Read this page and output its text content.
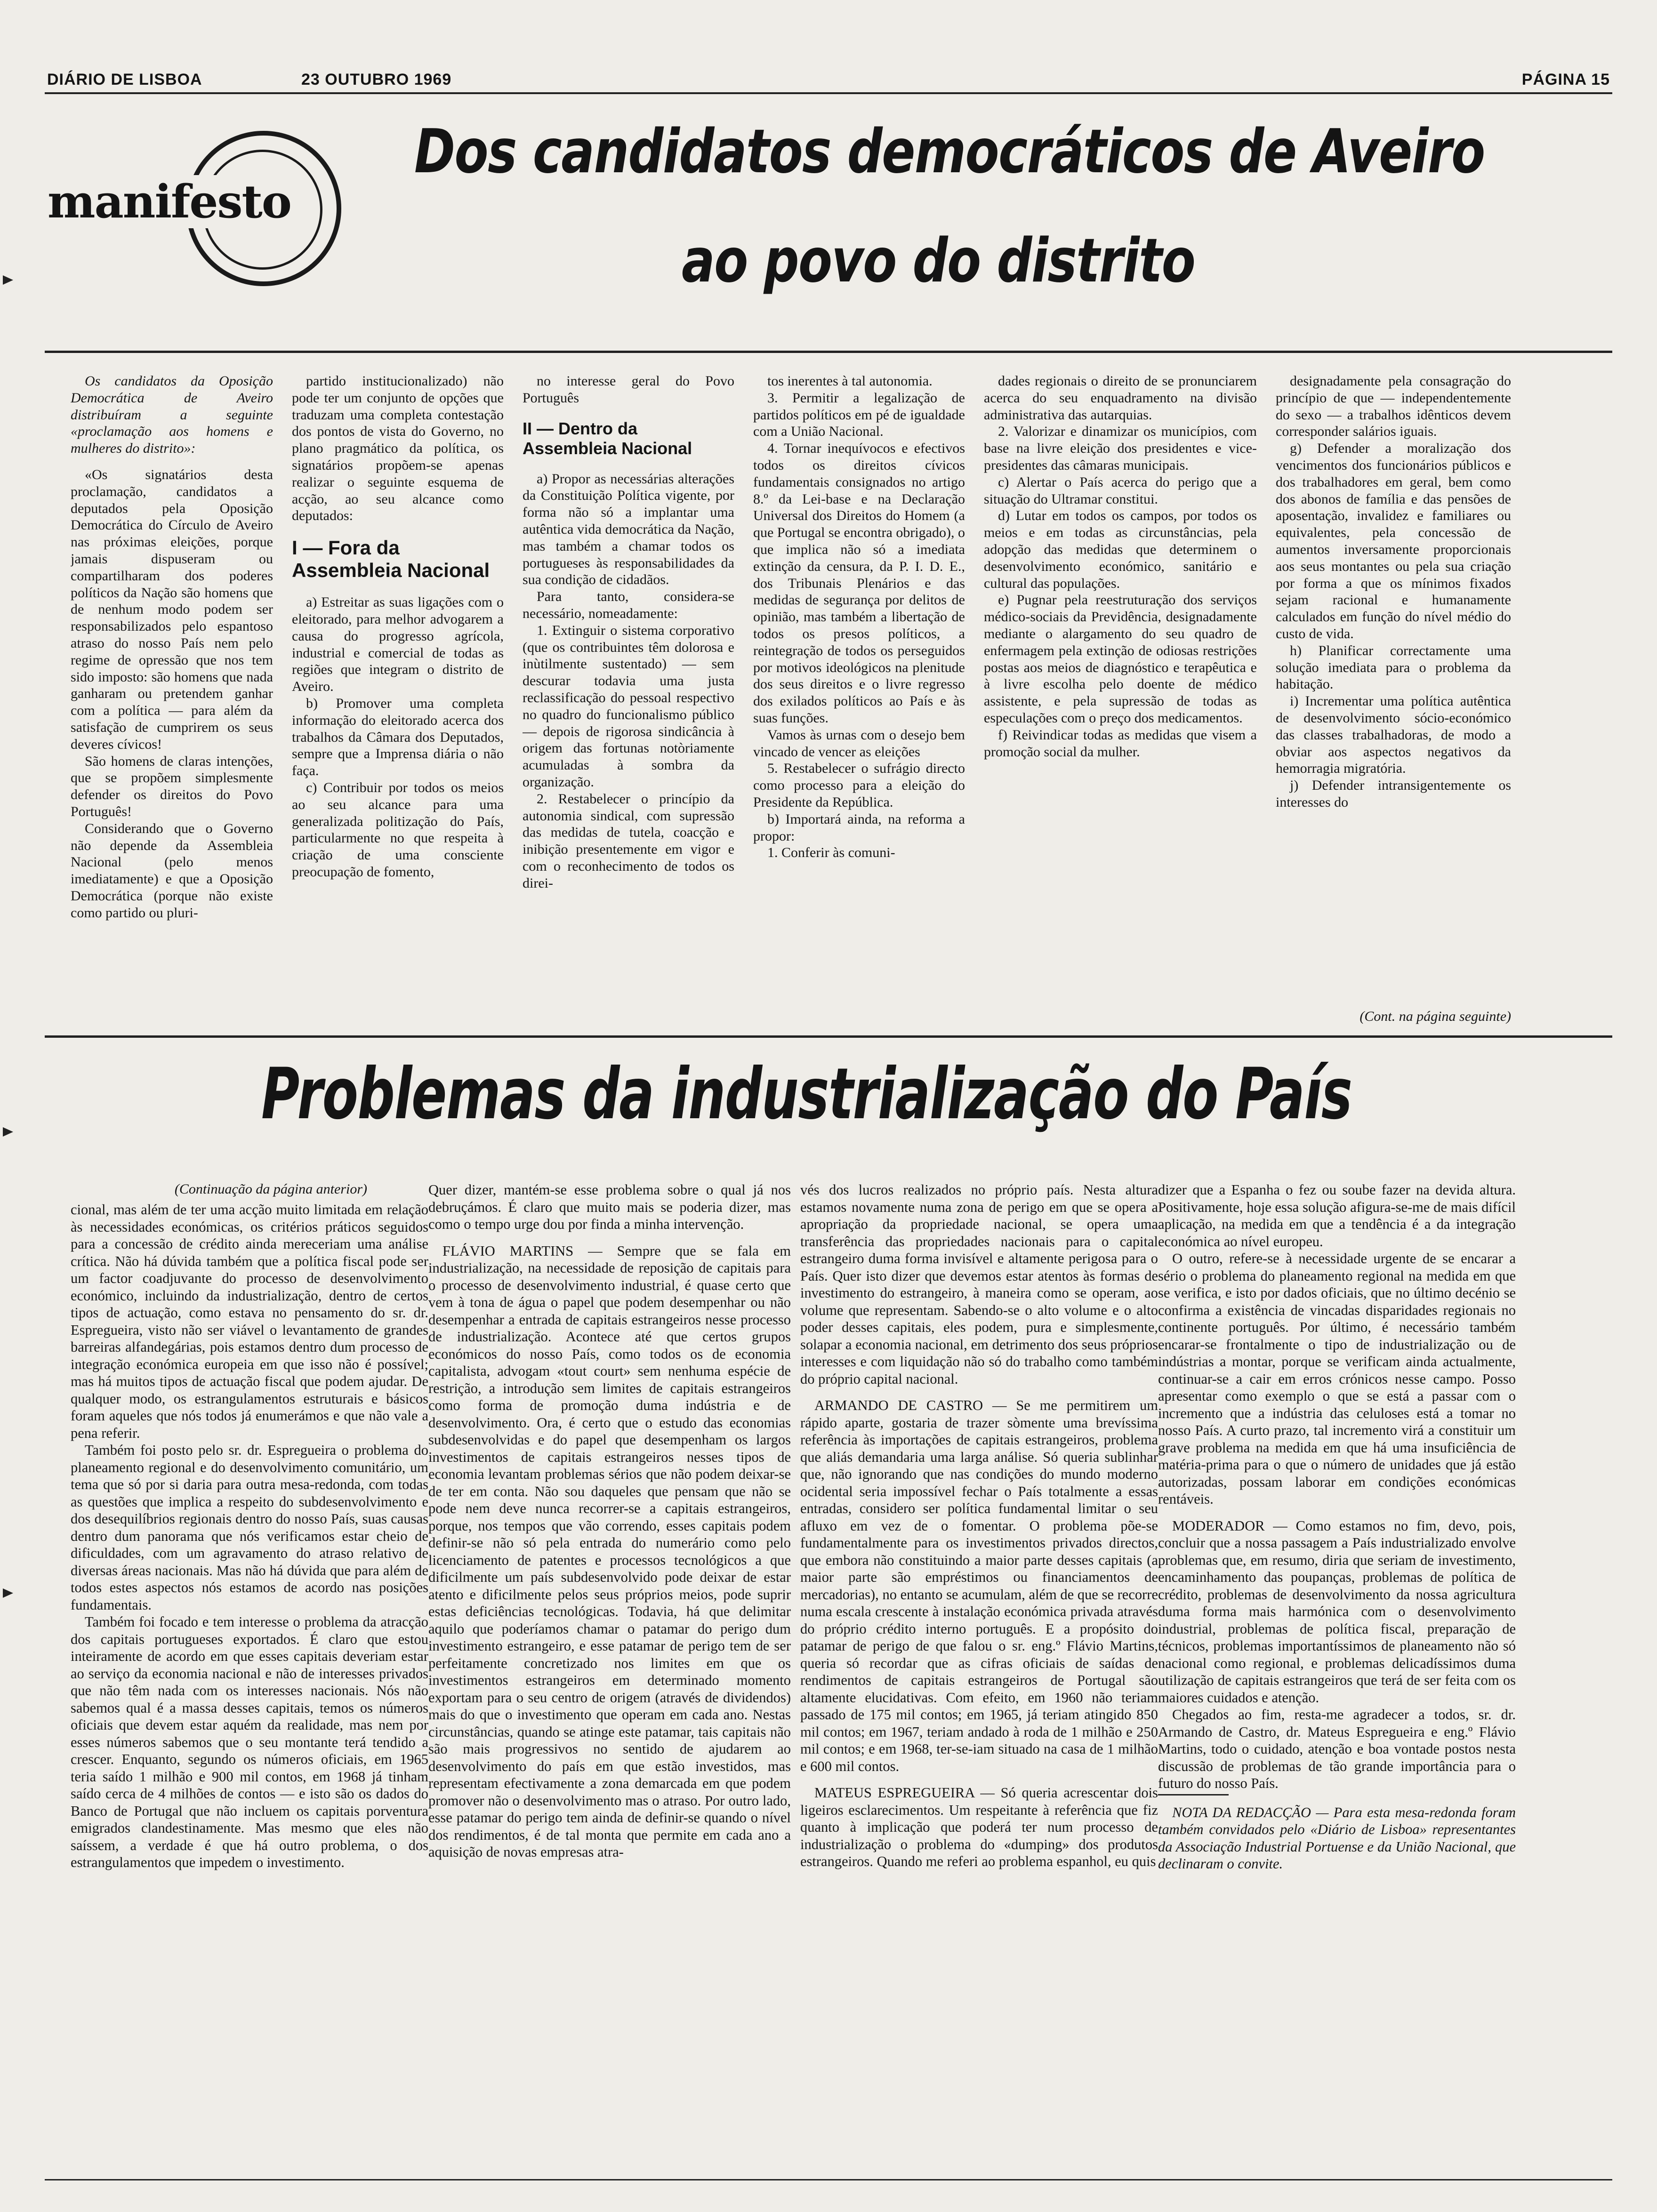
DIÁRIO DE LISBOA	23 OUTUBRO 1969	PÁGINA 15
manifesto
Dos candidatos democráticos de Aveiro
ao povo do distrito

Os candidatos da Oposição Democrática de Aveiro distribuíram a seguinte «proclamação aos homens e mulheres do distrito»:

«Os signatários desta proclamação, candidatos a deputados pela Oposição Democrática do Círculo de Aveiro nas próximas eleições, porque jamais dispuseram ou compartilharam dos poderes políticos da Nação são homens que de nenhum modo podem ser responsabilizados pelo espantoso atraso do nosso País nem pelo regime de opressão que nos tem sido imposto: são homens que nada ganharam ou pretendem ganhar com a política — para além da satisfação de cumprirem os seus deveres cívicos!

São homens de claras intenções, que se propõem simplesmente defender os direitos do Povo Português!

Considerando que o Governo não depende da Assembleia Nacional (pelo menos imediatamente) e que a Oposição Democrática (porque não existe como partido ou pluri-

partido institucionalizado) não pode ter um conjunto de opções que traduzam uma completa contestação dos pontos de vista do Governo, no plano pragmático da política, os signatários propõem-se apenas realizar o seguinte esquema de acção, ao seu alcance como deputados:

I — Fora da Assembleia Nacional

a) Estreitar as suas ligações com o eleitorado, para melhor advogarem a causa do progresso agrícola, industrial e comercial de todas as regiões que integram o distrito de Aveiro.

b) Promover uma completa informação do eleitorado acerca dos trabalhos da Câmara dos Deputados, sempre que a Imprensa diária o não faça.

c) Contribuir por todos os meios ao seu alcance para uma generalizada politização do País, particularmente no que respeita à criação de uma consciente preocupação de fomento,

no interesse geral do Povo Português

II — Dentro da Assembleia Nacional

a) Propor as necessárias alterações da Constituição Política vigente, por forma não só a implantar uma autêntica vida democrática da Nação, mas também a chamar todos os portugueses às responsabilidades da sua condição de cidadãos.

Para tanto, considera-se necessário, nomeadamente:

1. Extinguir o sistema corporativo (que os contribuintes têm dolorosa e inùtilmente sustentado) — sem descurar todavia uma justa reclassificação do pessoal respectivo no quadro do funcionalismo público — depois de rigorosa sindicância à origem das fortunas notòriamente acumuladas à sombra da organização.

2. Restabelecer o princípio da autonomia sindical, com supressão das medidas de tutela, coacção e inibição presentemente em vigor e com o reconhecimento de todos os direi-

tos inerentes à tal autonomia.

3. Permitir a legalização de partidos políticos em pé de igualdade com a União Nacional.

4. Tornar inequívocos e efectivos todos os direitos cívicos fundamentais consignados no artigo 8.º da Lei-base e na Declaração Universal dos Direitos do Homem (a que Portugal se encontra obrigado), o que implica não só a imediata extinção da censura, da P. I. D. E., dos Tribunais Plenários e das medidas de segurança por delitos de opinião, mas também a libertação de todos os presos políticos, a reintegração de todos os perseguidos por motivos ideológicos na plenitude dos seus direitos e o livre regresso dos exilados políticos ao País e às suas funções.

Vamos às urnas com o desejo bem vincado de vencer as eleições

5. Restabelecer o sufrágio directo como processo para a eleição do Presidente da República.

b) Importará ainda, na reforma a propor:

1. Conferir às comuni-

dades regionais o direito de se pronunciarem acerca do seu enquadramento na divisão administrativa das autarquias.

2. Valorizar e dinamizar os municípios, com base na livre eleição dos presidentes e vice-presidentes das câmaras municipais.

c) Alertar o País acerca do perigo que a situação do Ultramar constitui.

d) Lutar em todos os campos, por todos os meios e em todas as circunstâncias, pela adopção das medidas que determinem o desenvolvimento económico, sanitário e cultural das populações.

e) Pugnar pela reestruturação dos serviços médico-sociais da Previdência, designadamente mediante o alargamento do seu quadro de enfermagem pela extinção de odiosas restrições postas aos meios de diagnóstico e terapêutica e à livre escolha pelo doente de médico assistente, e pela supressão de todas as especulações com o preço dos medicamentos.

f) Reivindicar todas as medidas que visem a promoção social da mulher.

designadamente pela consagração do princípio de que — independentemente do sexo — a trabalhos idênticos devem corresponder salários iguais.

g) Defender a moralização dos vencimentos dos funcionários públicos e dos trabalhadores em geral, bem como dos abonos de família e das pensões de aposentação, invalidez e familiares ou equivalentes, pela concessão de aumentos inversamente proporcionais aos seus montantes ou pela sua criação por forma a que os mínimos fixados sejam racional e humanamente calculados em função do nível médio do custo de vida.

h) Planificar correctamente uma solução imediata para o problema da habitação.

i) Incrementar uma política autêntica de desenvolvimento sócio-económico das classes trabalhadoras, de modo a obviar aos aspectos negativos da hemorragia migratória.

j) Defender intransigentemente os interesses do

(Cont. na página seguinte)
Problemas da industrialização do País
(Continuação da página anterior)

cional, mas além de ter uma acção muito limitada em relação às necessidades económicas, os critérios práticos seguidos para a concessão de crédito ainda mereceriam uma análise crítica. Não há dúvida também que a política fiscal pode ser um factor coadjuvante do processo de desenvolvimento económico, incluindo da industrialização, dentro de certos tipos de actuação, como estava no pensamento do sr. dr. Espregueira, visto não ser viável o levantamento de grandes barreiras alfandegárias, pois estamos dentro dum processo de integração económica europeia em que isso não é possível; mas há muitos tipos de actuação fiscal que podem ajudar. De qualquer modo, os estrangulamentos estruturais e básicos foram aqueles que nós todos já enumerámos e que não vale a pena referir.

Também foi posto pelo sr. dr. Espregueira o problema do planeamento regional e do desenvolvimento comunitário, um tema que só por si daria para outra mesa-redonda, com todas as questões que implica a respeito do subdesenvolvimento e dos desequilíbrios regionais dentro do nosso País, suas causas dentro dum panorama que nós verificamos estar cheio de dificuldades, com um agravamento do atraso relativo de diversas áreas nacionais. Mas não há dúvida que para além de todos estes aspectos nós estamos de acordo nas posições fundamentais.

Também foi focado e tem interesse o problema da atracção dos capitais portugueses exportados. É claro que estou inteiramente de acordo em que esses capitais deveriam estar ao serviço da economia nacional e não de interesses privados que não têm nada com os interesses nacionais. Nós não sabemos qual é a massa desses capitais, temos os números oficiais que devem estar aquém da realidade, mas nem por esses números sabemos que o seu montante terá tendido a crescer. Enquanto, segundo os números oficiais, em 1965 teria saído 1 milhão e 900 mil contos, em 1968 já tinham saído cerca de 4 milhões de contos — e isto são os dados do Banco de Portugal que não incluem os capitais porventura emigrados clandestinamente. Mas mesmo que eles não saíssem, a verdade é que há outro problema, o dos estrangulamentos que impedem o investimento.

Quer dizer, mantém-se esse problema sobre o qual já nos debruçámos. É claro que muito mais se poderia dizer, mas como o tempo urge dou por finda a minha intervenção.

FLÁVIO MARTINS — Sempre que se fala em industrialização, na necessidade de reposição de capitais para o processo de desenvolvimento industrial, é quase certo que vem à tona de água o papel que podem desempenhar ou não desempenhar a entrada de capitais estrangeiros nesse processo de industrialização. Acontece até que certos grupos económicos do nosso País, como todos os de economia capitalista, advogam «tout court» sem nenhuma espécie de restrição, a introdução sem limites de capitais estrangeiros como forma de promoção duma indústria e de desenvolvimento. Ora, é certo que o estudo das economias subdesenvolvidas e do papel que desempenham os largos investimentos de capitais estrangeiros nesses tipos de economia levantam problemas sérios que não podem deixar-se de ter em conta. Não sou daqueles que pensam que não se pode nem deve nunca recorrer-se a capitais estrangeiros, porque, nos tempos que vão correndo, esses capitais podem definir-se não só pela entrada do numerário como pelo licenciamento de patentes e processos tecnológicos a que dificilmente um país subdesenvolvido pode deixar de estar atento e dificilmente pelos seus próprios meios, pode suprir estas deficiências tecnológicas. Todavia, há que delimitar aquilo que poderíamos chamar o patamar do perigo dum investimento estrangeiro, e esse patamar de perigo tem de ser perfeitamente concretizado nos limites em que os investimentos estrangeiros em determinado momento exportam para o seu centro de origem (através de dividendos) mais do que o investimento que operam em cada ano. Nestas circunstâncias, quando se atinge este patamar, tais capitais não são mais progressivos no sentido de ajudarem ao desenvolvimento do país em que estão investidos, mas representam efectivamente a zona demarcada em que podem promover não o desenvolvimento mas o atraso. Por outro lado, esse patamar do perigo tem ainda de definir-se quando o nível dos rendimentos, é de tal monta que permite em cada ano a aquisição de novas empresas atra-

vés dos lucros realizados no próprio país. Nesta altura estamos novamente numa zona de perigo em que se opera a apropriação da propriedade nacional, se opera uma transferência das propriedades nacionais para o capital estrangeiro duma forma invisível e altamente perigosa para o País. Quer isto dizer que devemos estar atentos às formas de investimento do estrangeiro, à maneira como se operam, ao volume que representam. Sabendo-se o alto volume e o alto poder desses capitais, eles podem, pura e simplesmente, solapar a economia nacional, em detrimento dos seus próprios interesses e com liquidação não só do trabalho como também do próprio capital nacional.

ARMANDO DE CASTRO — Se me permitirem um rápido aparte, gostaria de trazer sòmente uma brevíssima referência às importações de capitais estrangeiros, problema que aliás demandaria uma larga análise. Só queria sublinhar que, não ignorando que nas condições do mundo moderno ocidental seria impossível fechar o País totalmente a essas entradas, considero ser política fundamental limitar o seu afluxo em vez de o fomentar. O problema põe-se fundamentalmente para os investimentos privados directos, que embora não constituindo a maior parte desses capitais (a maior parte são empréstimos ou financiamentos de mercadorias), no entanto se acumulam, além de que se recorre numa escala crescente à instalação económica privada através do próprio crédito interno português. E a propósito do patamar de perigo de que falou o sr. eng.º Flávio Martins, queria só recordar que as cifras oficiais de saídas de rendimentos de capitais estrangeiros de Portugal são altamente elucidativas. Com efeito, em 1960 não teriam passado de 175 mil contos; em 1965, já teriam atingido 850 mil contos; em 1967, teriam andado à roda de 1 milhão e 250 mil contos; e em 1968, ter-se-iam situado na casa de 1 milhão e 600 mil contos.

MATEUS ESPREGUEIRA — Só queria acrescentar dois ligeiros esclarecimentos. Um respeitante à referência que fiz quanto à implicação que poderá ter num processo de industrialização o problema do «dumping» dos produtos estrangeiros. Quando me referi ao problema espanhol, eu quis

dizer que a Espanha o fez ou soube fazer na devida altura. Positivamente, hoje essa solução afigura-se-me de mais difícil aplicação, na medida em que a tendência é a da integração económica ao nível europeu.

O outro, refere-se à necessidade urgente de se encarar a sério o problema do planeamento regional na medida em que se verifica, e isto por dados oficiais, que no último decénio se confirma a existência de vincadas disparidades regionais no continente português. Por último, é necessário também encarar-se frontalmente o tipo de industrialização ou de indústrias a montar, porque se verificam ainda actualmente, continuar-se a cair em erros crónicos nesse campo. Posso apresentar como exemplo o que se está a passar com o incremento que a indústria das celuloses está a tomar no nosso País. A curto prazo, tal incremento virá a constituir um grave problema na medida em que há uma insuficiência de matéria-prima para o que o número de unidades que já estão autorizadas, possam laborar em condições económicas rentáveis.

MODERADOR — Como estamos no fim, devo, pois, concluir que a nossa passagem a País industrializado envolve problemas que, em resumo, diria que seriam de investimento, encaminhamento das poupanças, problemas de política de crédito, problemas de desenvolvimento da nossa agricultura duma forma mais harmónica com o desenvolvimento industrial, problemas de política fiscal, preparação de técnicos, problemas importantíssimos de planeamento não só nacional como regional, e problemas delicadíssimos duma utilização de capitais estrangeiros que terá de ser feita com os maiores cuidados e atenção.

Chegados ao fim, resta-me agradecer a todos, sr. dr. Armando de Castro, dr. Mateus Espregueira e eng.º Flávio Martins, todo o cuidado, atenção e boa vontade postos nesta discussão de problemas de tão grande importância para o futuro do nosso País.

NOTA DA REDACÇÃO — Para esta mesa-redonda foram também convidados pelo «Diário de Lisboa» representantes da Associação Industrial Portuense e da União Nacional, que declinaram o convite.
